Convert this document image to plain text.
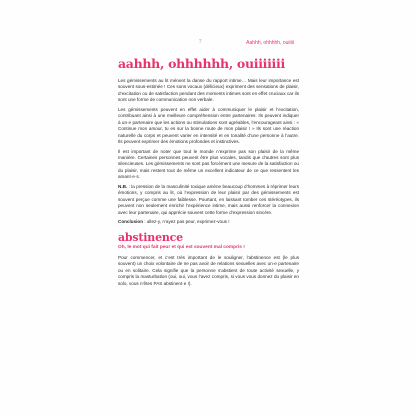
7	Aahhh, ohhhhh, ouiiiii
aahhh, ohhhhhh, ouiiiiiii

Les gémissements au lit mènent la danse du rapport intime… Mais leur importance est souvent sous-estimée ! Ces sons vocaux (délicieux) expriment des sensations de plaisir, d’excitation ou de satisfaction pendant des moments intimes sont en effet cruciaux car ils sont une forme de communication non verbale.

Les gémissements peuvent en effet aider à communiquer le plaisir et l’excitation, contribuant ainsi à une meilleure compréhension entre partenaires. Ils peuvent indiquer à un·e partenaire que les actions ou stimulations sont agréables, l’encourageant ainsi : « Continue mon amour, tu es sur la bonne route de mon plaisir ! » Ils sont une réaction naturelle du corps et peuvent varier en intensité et en tonalité d’une personne à l’autre. Ils peuvent exprimer des émotions profondes et instinctives.

Il est important de noter que tout le monde n’exprime pas son plaisir de la même manière. Certaines personnes peuvent être plus vocales, tandis que d’autres sont plus silencieuses. Les gémissements ne sont pas forcément une mesure de la satisfaction ou du plaisir, mais restent tout de même un excellent indicateur de ce que ressentent les amant·e·s.

N.B. : la pression de la masculinité toxique amène beaucoup d’hommes à réprimer leurs émotions, y compris au lit, où l’expression de leur plaisir par des gémissements est souvent perçue comme une faiblesse. Pourtant, en laissant tomber ces stéréotypes, ils peuvent non seulement enrichir l’expérience intime, mais aussi renforcer la connexion avec leur partenaire, qui apprécie souvent cette forme d’expression sincère.

Conclusion : allez-y, n’ayez pas peur, exprimez-vous !

abstinence
Oh, le mot qui fait peur et qui est souvent mal compris !

Pour commencer, et c’est très important de le souligner, l’abstinence est (le plus souvent) un choix volontaire de ne pas avoir de relations sexuelles avec un·e partenaire ou en solitaire. Cela signifie que la personne s’abstient de toute activité sexuelle, y compris la masturbation (oui, oui, vous l’avez compris, si vous vous donnez du plaisir en solo, vous n’êtes PAS abstinent·e !).
